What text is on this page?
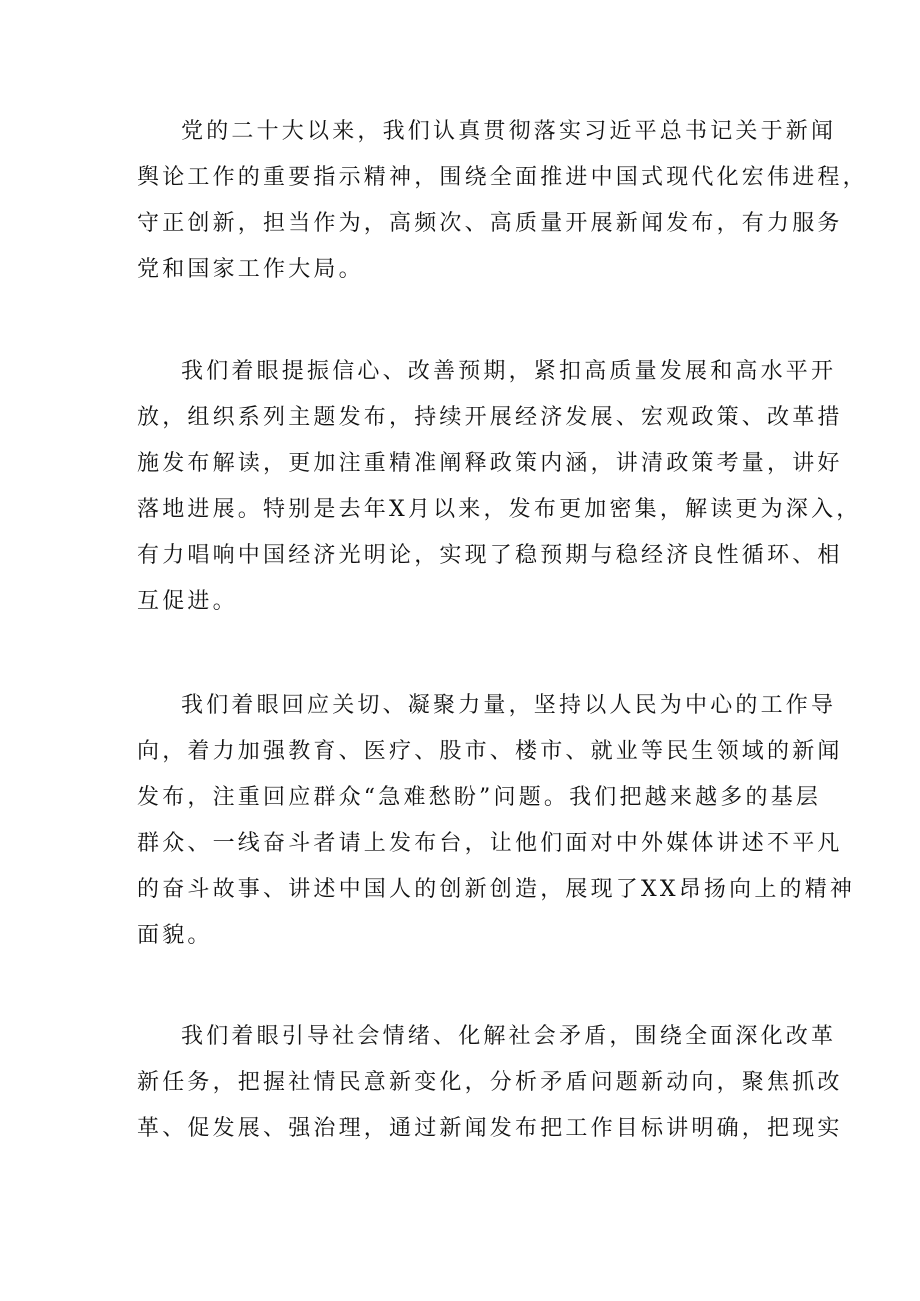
党的二十大以来，我们认真贯彻落实习近平总书记关于新闻
舆论工作的重要指示精神，围绕全面推进中国式现代化宏伟进程，
守正创新，担当作为，高频次、高质量开展新闻发布，有力服务
党和国家工作大局。
我们着眼提振信心、改善预期，紧扣高质量发展和高水平开
放，组织系列主题发布，持续开展经济发展、宏观政策、改革措
施发布解读，更加注重精准阐释政策内涵，讲清政策考量，讲好
落地进展。特别是去年X月以来，发布更加密集，解读更为深入，
有力唱响中国经济光明论，实现了稳预期与稳经济良性循环、相
互促进。
我们着眼回应关切、凝聚力量，坚持以人民为中心的工作导
向，着力加强教育、医疗、股市、楼市、就业等民生领域的新闻
发布，注重回应群众“急难愁盼”问题。我们把越来越多的基层
群众、一线奋斗者请上发布台，让他们面对中外媒体讲述不平凡
的奋斗故事、讲述中国人的创新创造，展现了XX昂扬向上的精神
面貌。
我们着眼引导社会情绪、化解社会矛盾，围绕全面深化改革
新任务，把握社情民意新变化，分析矛盾问题新动向，聚焦抓改
革、促发展、强治理，通过新闻发布把工作目标讲明确，把现实
